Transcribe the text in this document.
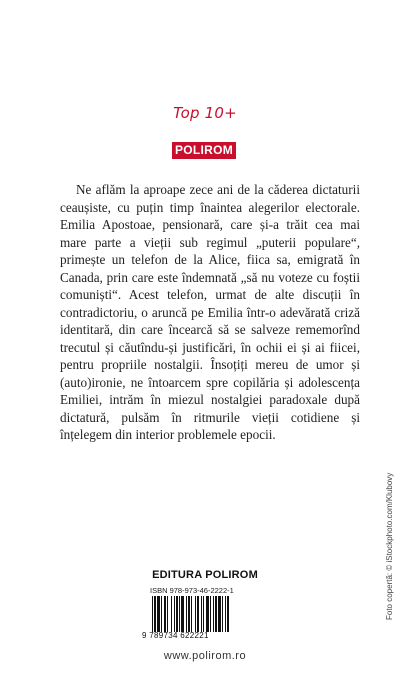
Top 10+
POLIROM

Ne aflăm la aproape zece ani de la căderea dictaturii ceaușiste, cu puțin timp înaintea alegerilor electorale. Emilia Apostoae, pensionară, care și-a trăit cea mai mare parte a vieții sub regimul „puterii populare“, primește un telefon de la Alice, fiica sa, emigrată în Canada, prin care este îndemnată „să nu voteze cu foștii comuniști“. Acest telefon, urmat de alte discuții în contradictoriu, o aruncă pe Emilia într-o adevărată criză identitară, din care încearcă să se salveze rememorînd trecutul și căutîndu-și justificări, în ochii ei și ai fiicei, pentru propriile nostalgii. Însoțiți mereu de umor și (auto)ironie, ne întoarcem spre copilăria și adolescența Emiliei, intrăm în miezul nostalgiei paradoxale după dictatură, pulsăm în ritmurile vieții cotidiene și înțelegem din interior problemele epocii.

Foto copertă: © iStockphoto.com/Klubovy
EDITURA POLIROM
ISBN 978-973-46-2222-1
9 789734 622221
www.polirom.ro
